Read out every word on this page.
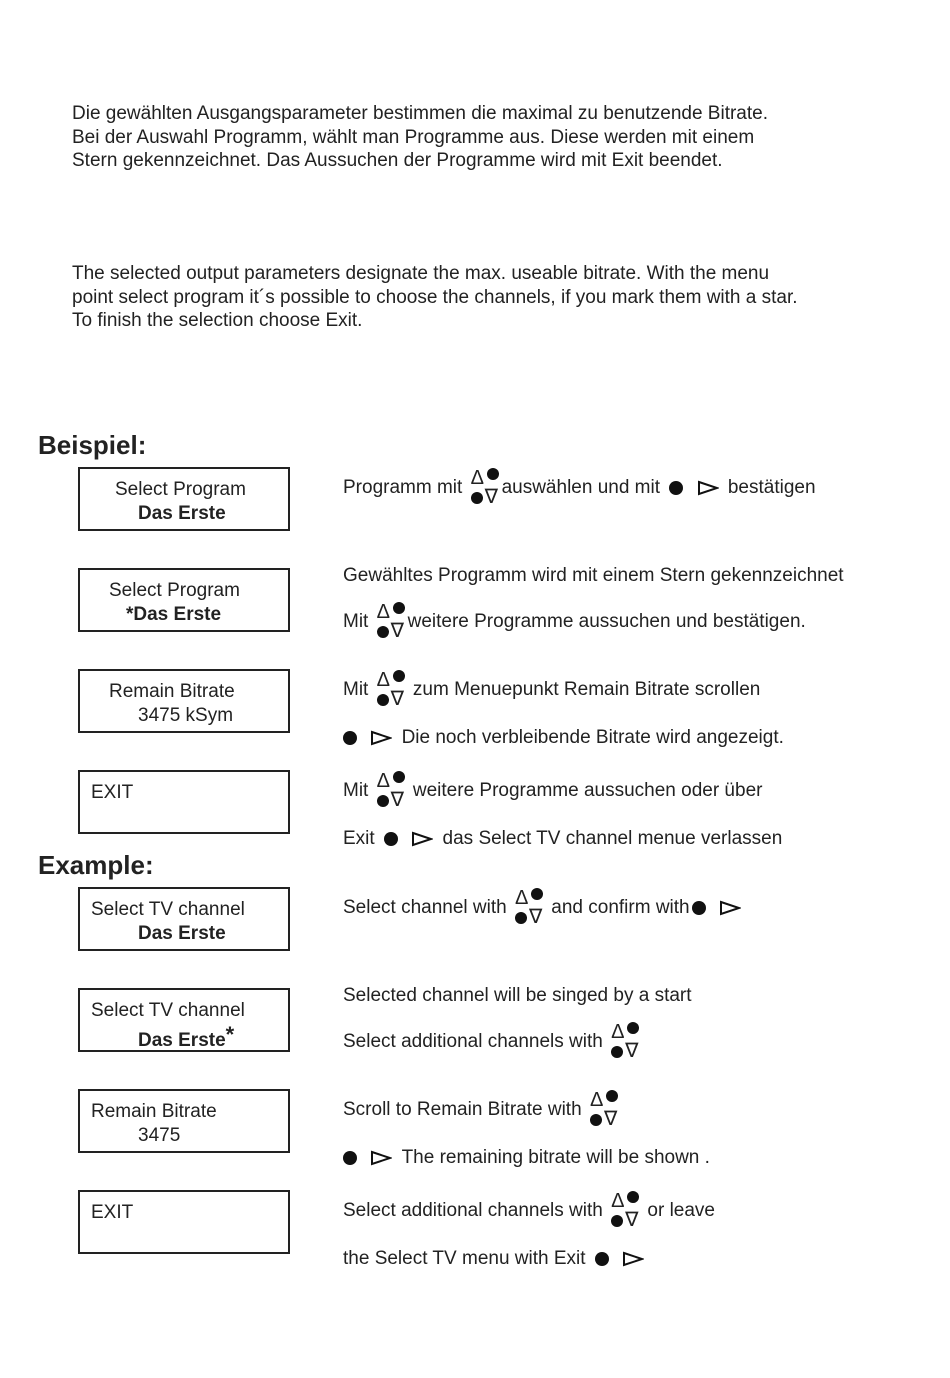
Die gewählten Ausgangsparameter bestimmen die maximal zu benutzende Bitrate.
Bei der Auswahl Programm, wählt man Programme aus. Diese werden mit einem
Stern gekennzeichnet. Das Aussuchen der Programme wird mit Exit beendet.
The selected output parameters designate the max. useable bitrate. With the menu
point select program it´s possible to choose the channels, if you mark them with a star.
To finish the selection choose Exit.
Beispiel:
Select Program
Das Erste
Select Program
*Das Erste
Remain Bitrate
3475 kSym
EXIT
Programm mit Δ
∇ auswählen und mit	bestätigen
Gewähltes Programm wird mit einem Stern gekennzeichnet
Mit Δ
∇ weitere Programme aussuchen und bestätigen.
Mit Δ
∇ zum Menuepunkt Remain Bitrate scrollen
Die noch verbleibende Bitrate wird angezeigt.
Mit Δ
∇ weitere Programme aussuchen oder über
Exit	das Select TV channel menue verlassen
Example:
Select TV channel
Das Erste
Select TV channel
Das Erste*
Remain Bitrate
3475
EXIT
Select channel with Δ
∇ and confirm with
Selected channel will be singed by a start
Select additional channels with Δ
∇
Scroll to Remain Bitrate with Δ
∇
The remaining bitrate will be shown .
Select additional channels with Δ
∇ or leave
the Select TV menu with Exit
